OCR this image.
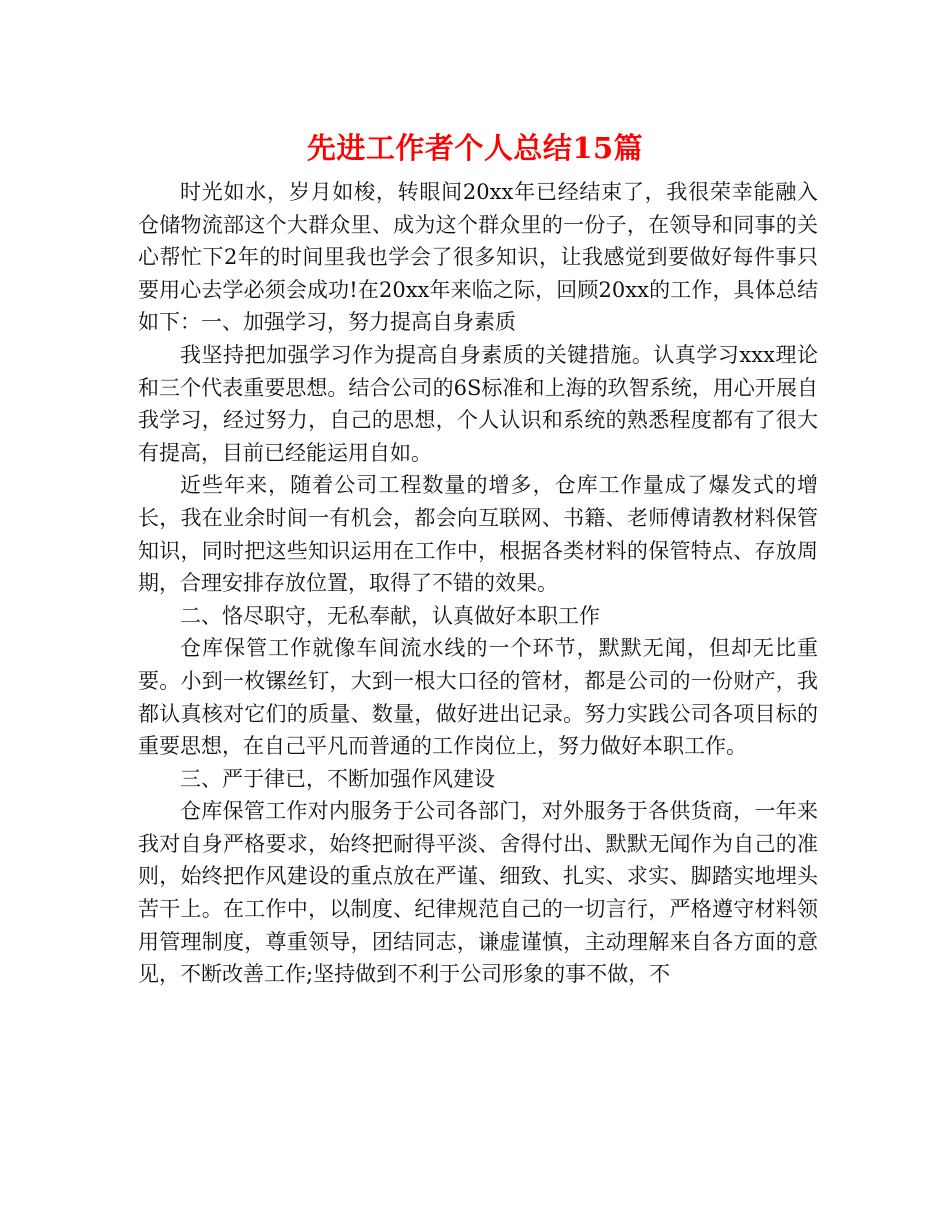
先进工作者个人总结15篇

时光如水，岁月如梭，转眼间20xx年已经结束了，我很荣幸能融入仓储物流部这个大群众里、成为这个群众里的一份子，在领导和同事的关心帮忙下2年的时间里我也学会了很多知识，让我感觉到要做好每件事只要用心去学必须会成功!在20xx年来临之际，回顾20xx的工作，具体总结如下：一、加强学习，努力提高自身素质

我坚持把加强学习作为提高自身素质的关键措施。认真学习xxx理论和三个代表重要思想。结合公司的6S标准和上海的玖智系统，用心开展自我学习，经过努力，自己的思想，个人认识和系统的熟悉程度都有了很大有提高，目前已经能运用自如。

近些年来，随着公司工程数量的增多，仓库工作量成了爆发式的增长，我在业余时间一有机会，都会向互联网、书籍、老师傅请教材料保管知识，同时把这些知识运用在工作中，根据各类材料的保管特点、存放周期，合理安排存放位置，取得了不错的效果。

二、恪尽职守，无私奉献，认真做好本职工作

仓库保管工作就像车间流水线的一个环节，默默无闻，但却无比重要。小到一枚镙丝钉，大到一根大口径的管材，都是公司的一份财产，我都认真核对它们的质量、数量，做好进出记录。努力实践公司各项目标的重要思想，在自己平凡而普通的工作岗位上，努力做好本职工作。

三、严于律已，不断加强作风建设

仓库保管工作对内服务于公司各部门，对外服务于各供货商，一年来我对自身严格要求，始终把耐得平淡、舍得付出、默默无闻作为自己的准则，始终把作风建设的重点放在严谨、细致、扎实、求实、脚踏实地埋头苦干上。在工作中，以制度、纪律规范自己的一切言行，严格遵守材料领用管理制度，尊重领导，团结同志，谦虚谨慎，主动理解来自各方面的意见，不断改善工作;坚持做到不利于公司形象的事不做，不
